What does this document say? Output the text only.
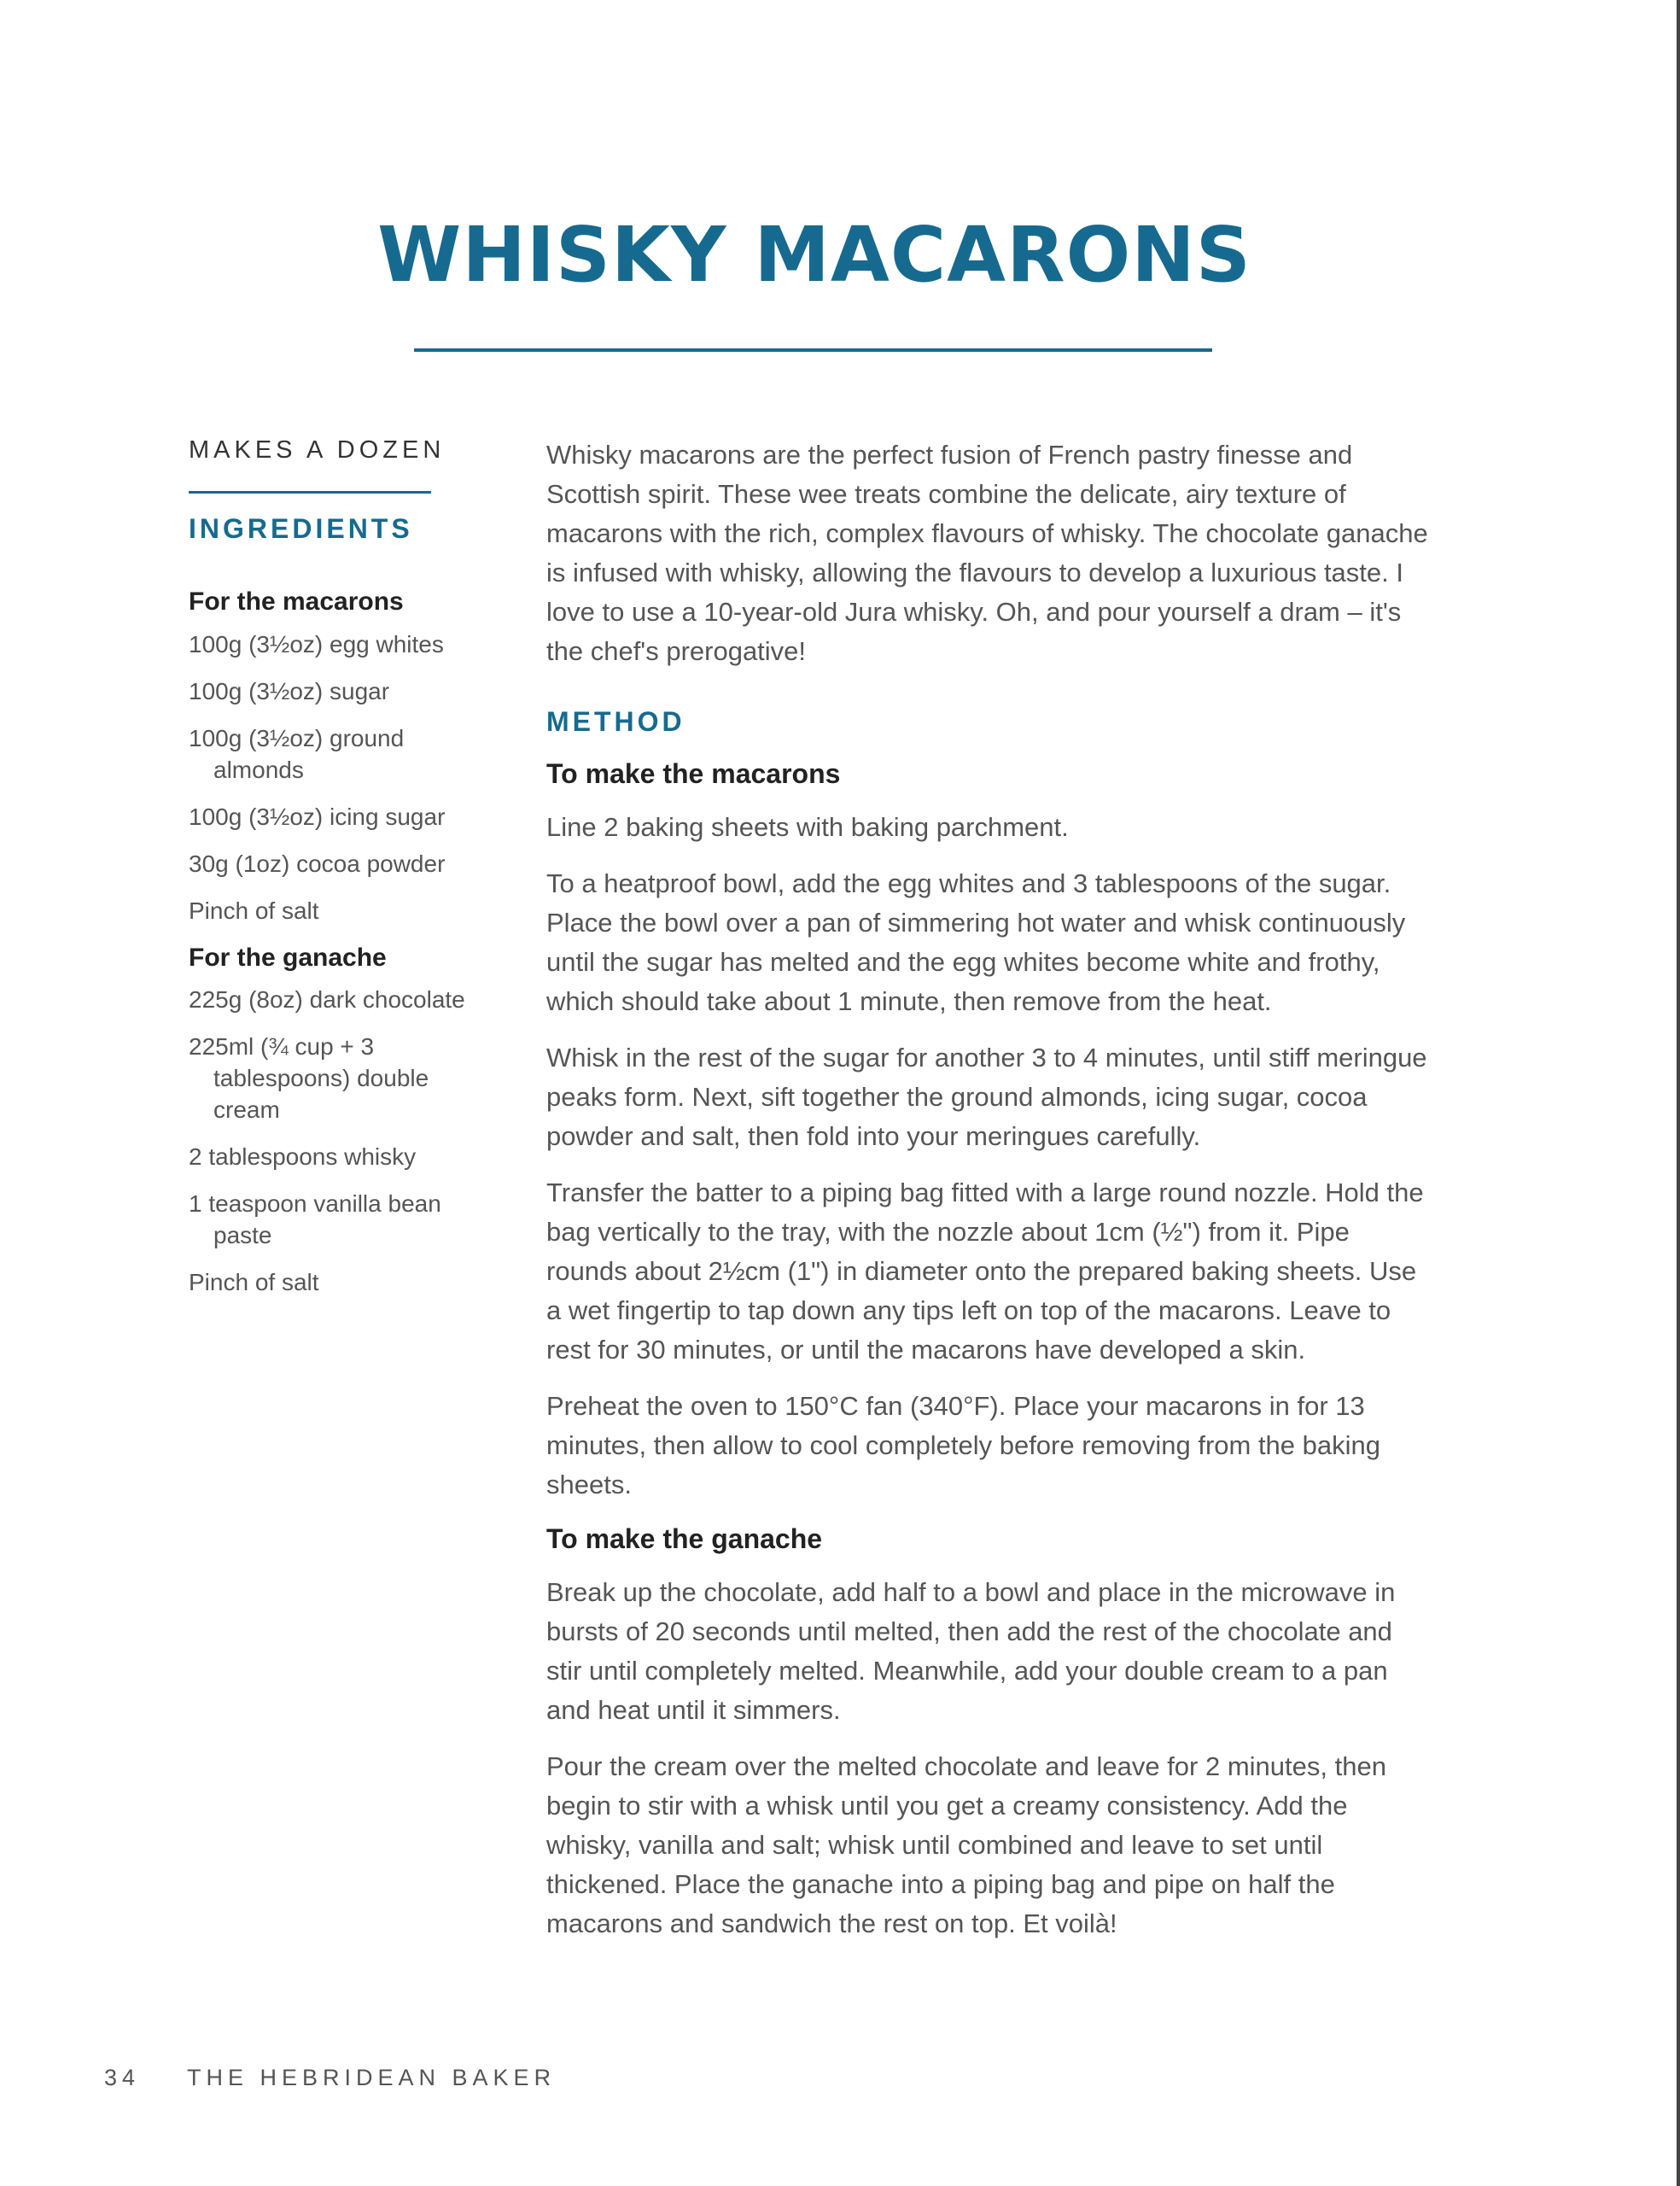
WHISKY MACARONS

MAKES A DOZEN

INGREDIENTS
For the macarons
100g (3½oz) egg whites
100g (3½oz) sugar
100g (3½oz) ground almonds
100g (3½oz) icing sugar
30g (1oz) cocoa powder
Pinch of salt
For the ganache
225g (8oz) dark chocolate
225ml (¾ cup + 3 tablespoons) double cream
2 tablespoons whisky
1 teaspoon vanilla bean paste
Pinch of salt

Whisky macarons are the perfect fusion of French pastry finesse and Scottish spirit. These wee treats combine the delicate, airy texture of macarons with the rich, complex flavours of whisky. The chocolate ganache is infused with whisky, allowing the flavours to develop a luxurious taste. I love to use a 10-year-old Jura whisky. Oh, and pour yourself a dram – it's the chef's prerogative!

METHOD
To make the macarons

Line 2 baking sheets with baking parchment.

To a heatproof bowl, add the egg whites and 3 tablespoons of the sugar. Place the bowl over a pan of simmering hot water and whisk continuously until the sugar has melted and the egg whites become white and frothy, which should take about 1 minute, then remove from the heat.

Whisk in the rest of the sugar for another 3 to 4 minutes, until stiff meringue peaks form. Next, sift together the ground almonds, icing sugar, cocoa powder and salt, then fold into your meringues carefully.

Transfer the batter to a piping bag fitted with a large round nozzle. Hold the bag vertically to the tray, with the nozzle about 1cm (½") from it. Pipe rounds about 2½cm (1") in diameter onto the prepared baking sheets. Use a wet fingertip to tap down any tips left on top of the macarons. Leave to rest for 30 minutes, or until the macarons have developed a skin.

Preheat the oven to 150°C fan (340°F). Place your macarons in for 13 minutes, then allow to cool completely before removing from the baking sheets.

To make the ganache

Break up the chocolate, add half to a bowl and place in the microwave in bursts of 20 seconds until melted, then add the rest of the chocolate and stir until completely melted. Meanwhile, add your double cream to a pan and heat until it simmers.

Pour the cream over the melted chocolate and leave for 2 minutes, then begin to stir with a whisk until you get a creamy consistency. Add the whisky, vanilla and salt; whisk until combined and leave to set until thickened. Place the ganache into a piping bag and pipe on half the macarons and sandwich the rest on top. Et voilà!

34 THE HEBRIDEAN BAKER
